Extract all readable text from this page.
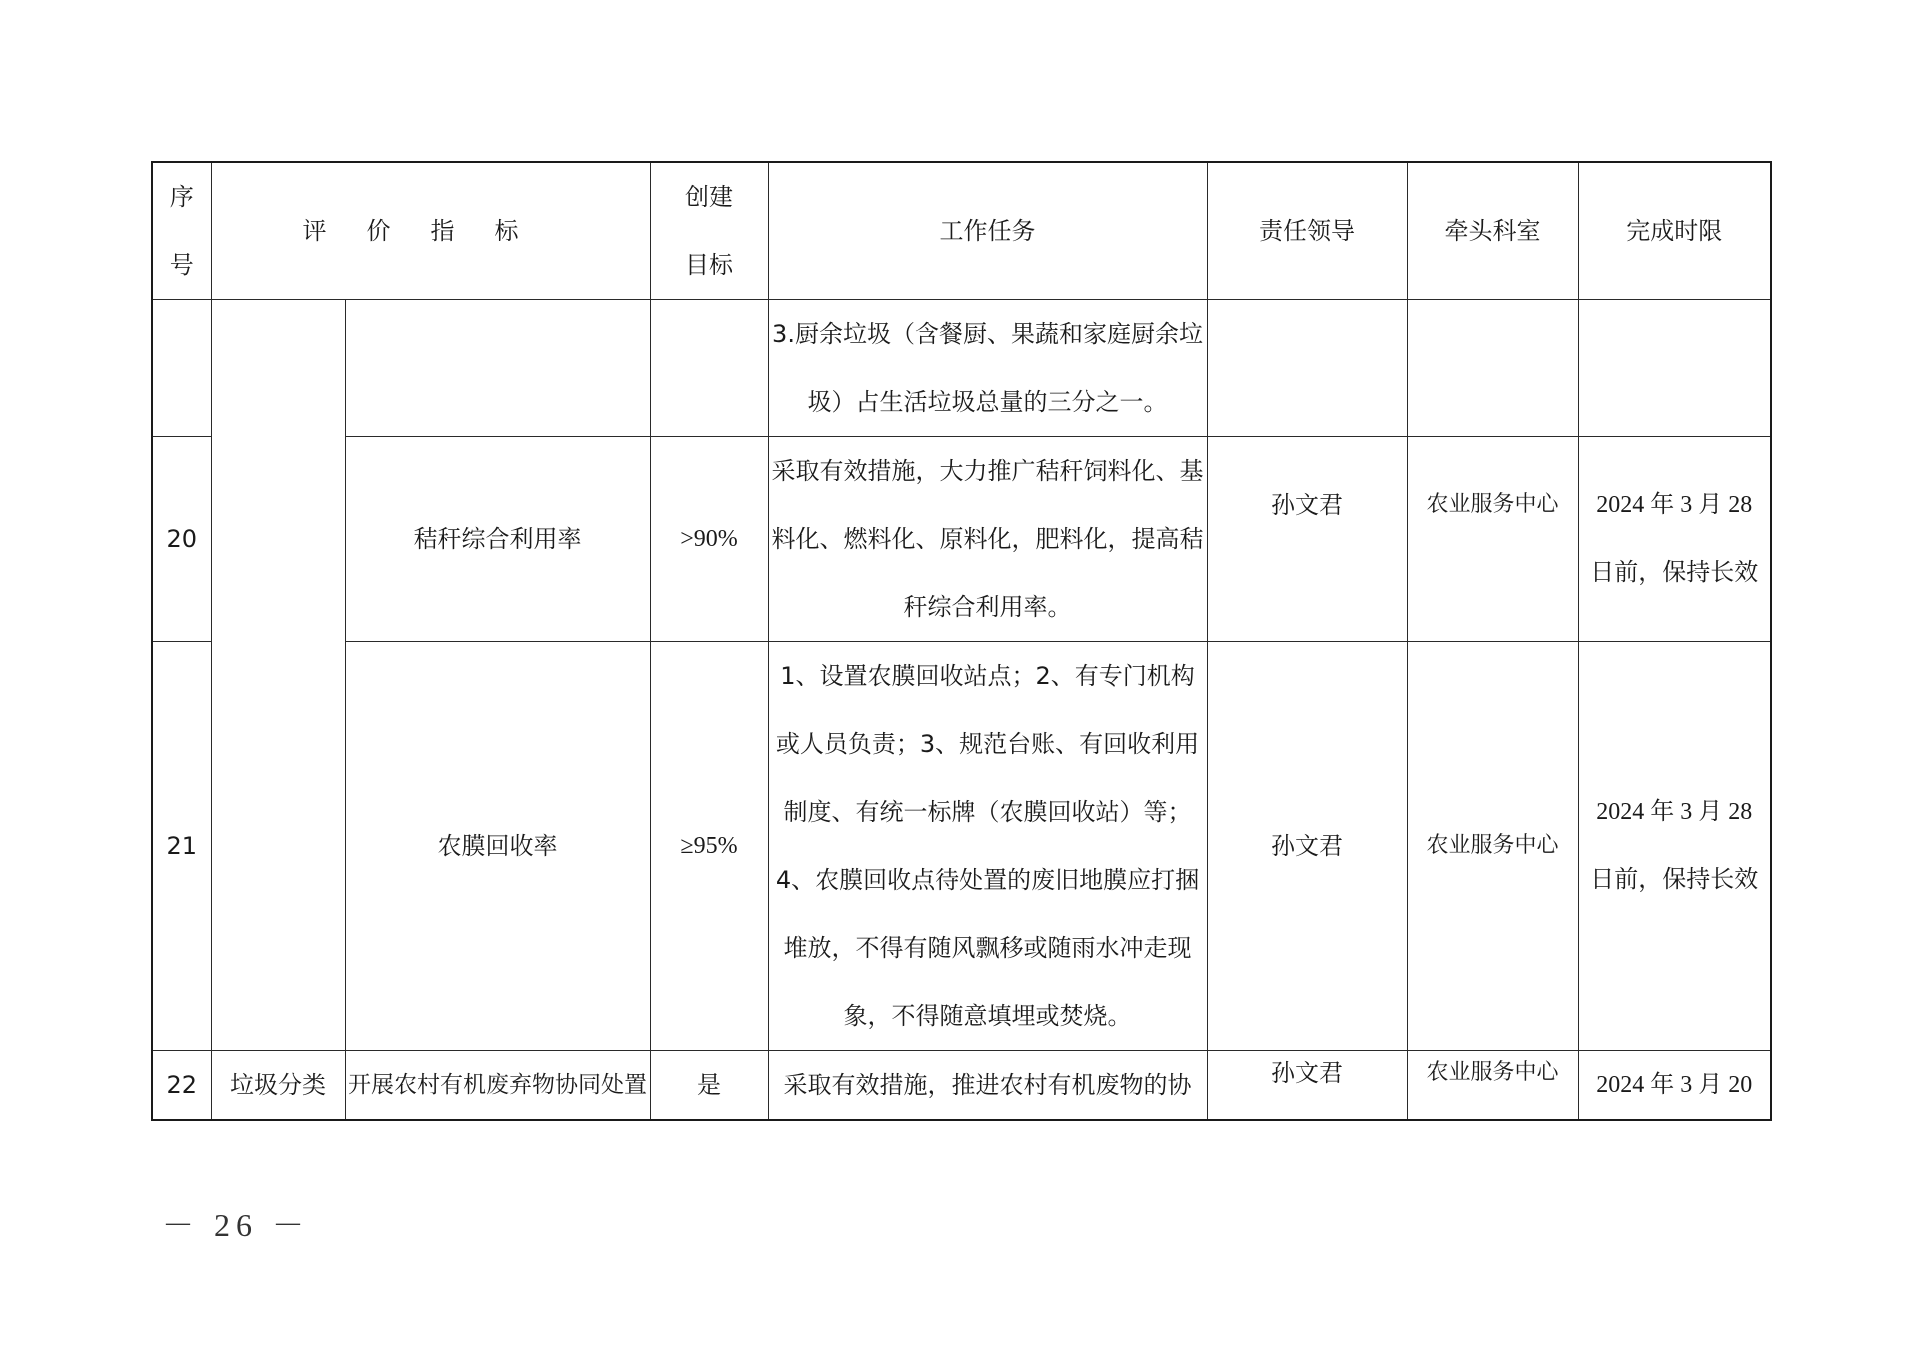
序号	评价指标		创建目标	工作任务	责任领导	牵头科室	完成时限
				3.厨余垃圾（含餐厨、果蔬和家庭厨余垃圾）占生活垃圾总量的三分之一。			
20		秸秆综合利用率	>90%	采取有效措施，大力推广秸秆饲料化、基料化、燃料化、原料化，肥料化，提高秸秆综合利用率。	孙文君	农业服务中心	2024 年 3 月 28 日前，保持长效
21		农膜回收率	≥95%	1、设置农膜回收站点；2、有专门机构或人员负责；3、规范台账、有回收利用制度、有统一标牌（农膜回收站）等；4、农膜回收点待处置的废旧地膜应打捆堆放，不得有随风飘移或随雨水冲走现象，不得随意填埋或焚烧。	孙文君	农业服务中心	2024 年 3 月 28 日前，保持长效
22	垃圾分类	开展农村有机废弃物协同处置	是	采取有效措施，推进农村有机废物的协	孙文君	农业服务中心	2024 年 3 月 20
－ 26 －
